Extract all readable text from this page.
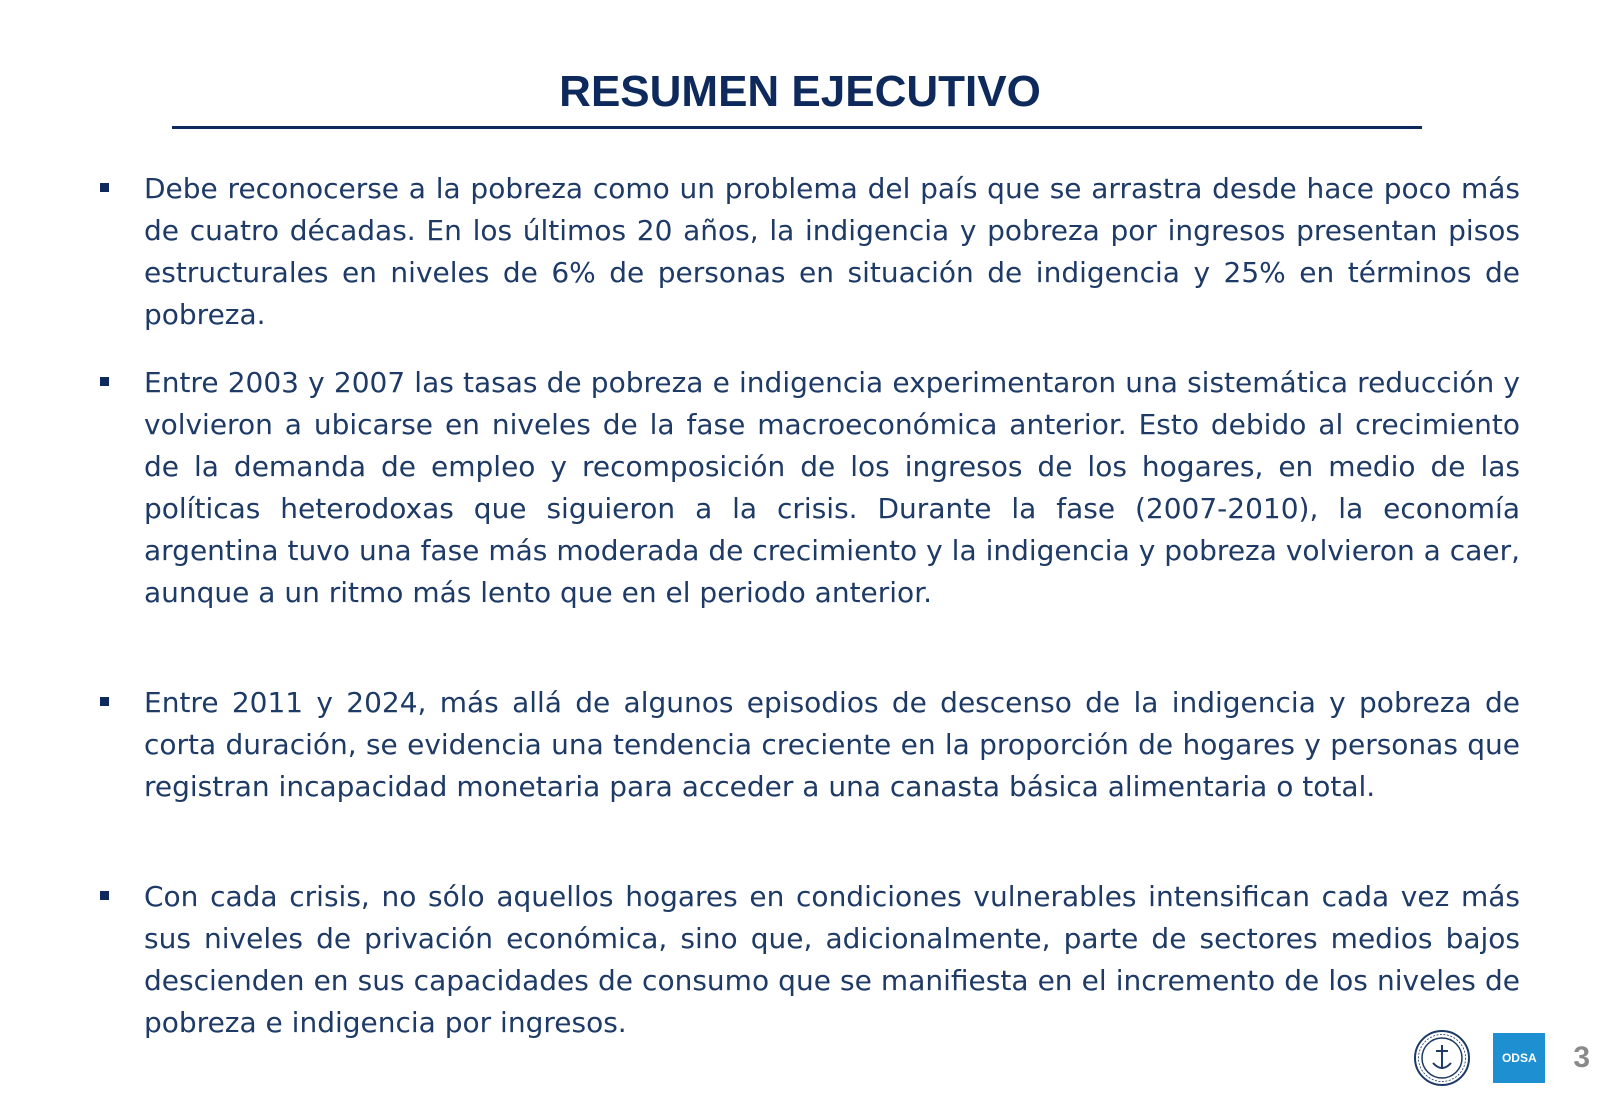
RESUMEN EJECUTIVO
Debe reconocerse a la pobreza como un problema del país que se arrastra desde hace poco más de cuatro décadas. En los últimos 20 años, la indigencia y pobreza por ingresos presentan pisos estructurales en niveles de 6% de personas en situación de indigencia y 25% en términos de pobreza.
Entre 2003 y 2007 las tasas de pobreza e indigencia experimentaron una sistemática reducción y volvieron a ubicarse en niveles de la fase macroeconómica anterior. Esto debido al crecimiento de la demanda de empleo y recomposición de los ingresos de los hogares, en medio de las políticas heterodoxas que siguieron a la crisis. Durante la fase (2007-2010), la economía argentina tuvo una fase más moderada de crecimiento y la indigencia y pobreza volvieron a caer, aunque a un ritmo más lento que en el periodo anterior.
Entre 2011 y 2024, más allá de algunos episodios de descenso de la indigencia y pobreza de corta duración, se evidencia una tendencia creciente en la proporción de hogares y personas que registran incapacidad monetaria para acceder a una canasta básica alimentaria o total.
Con cada crisis, no sólo aquellos hogares en condiciones vulnerables intensifican cada vez más sus niveles de privación económica, sino que, adicionalmente, parte de sectores medios bajos descienden en sus capacidades de consumo que se manifiesta en el incremento de los niveles de pobreza e indigencia por ingresos.
ODSA 3
